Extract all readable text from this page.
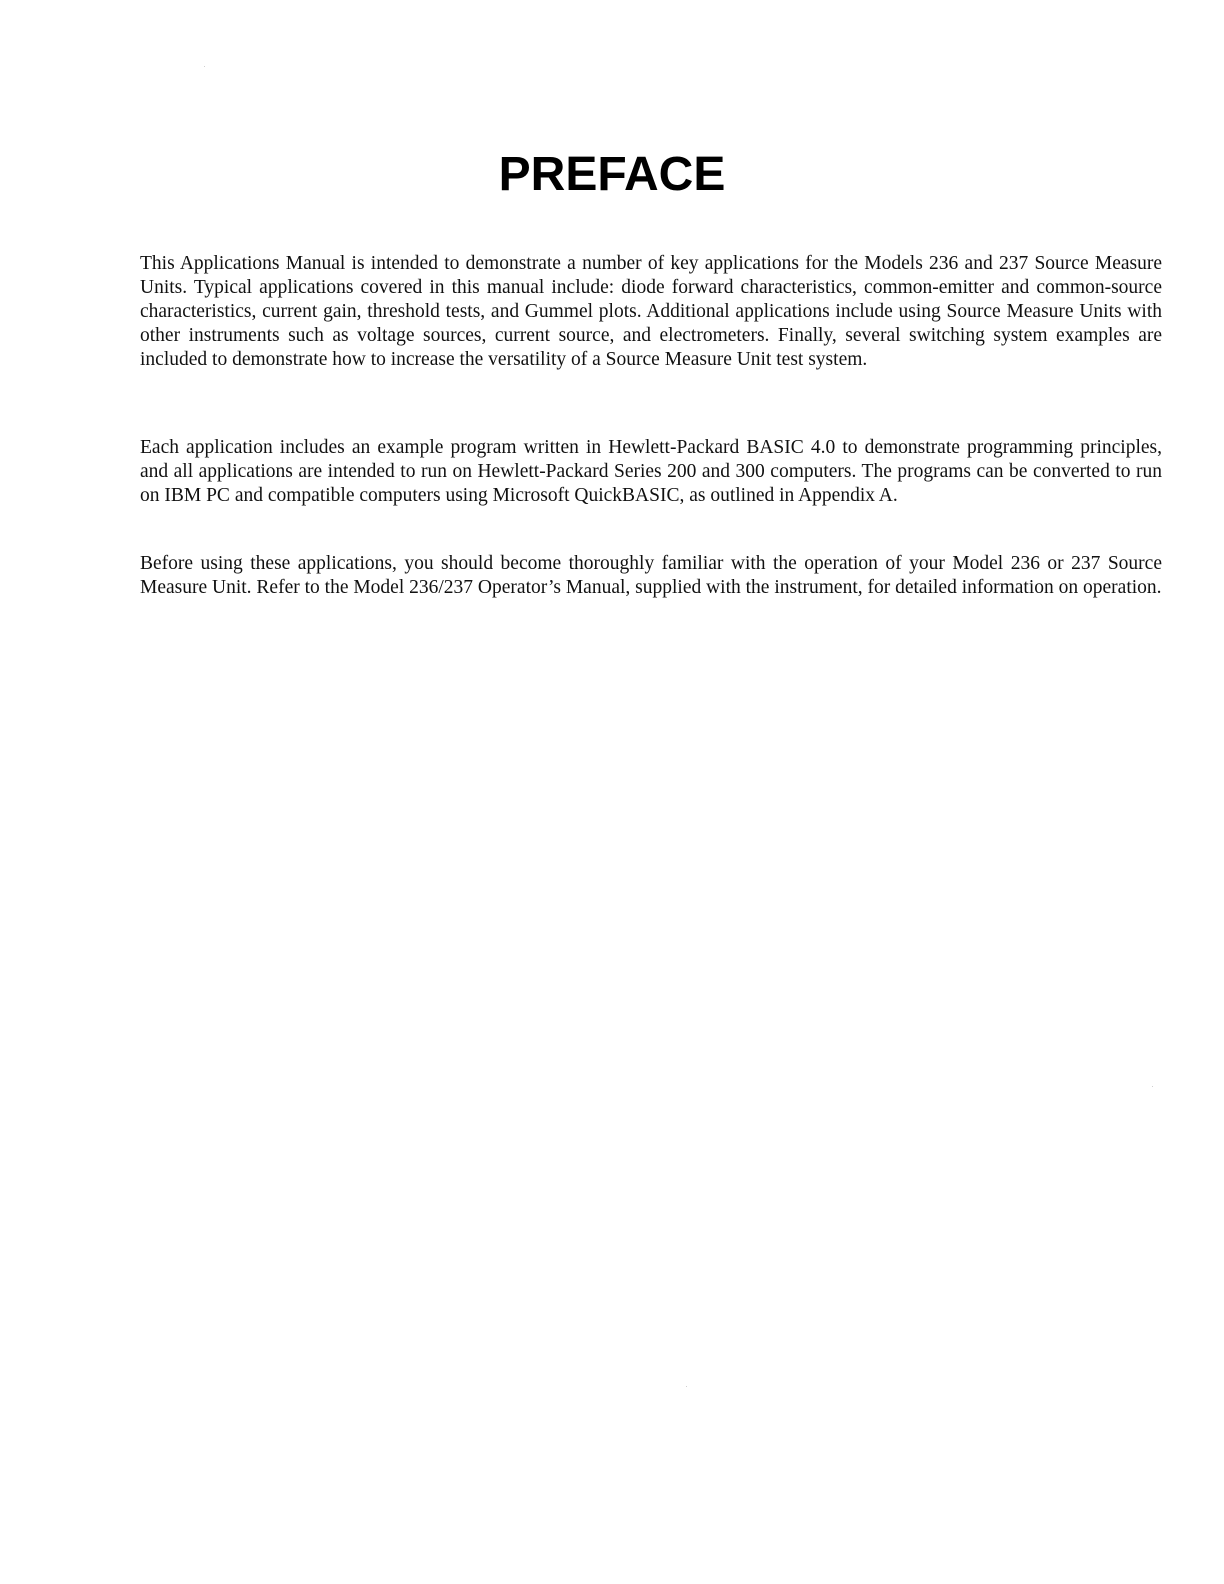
PREFACE

This Applications Manual is intended to demonstrate a number of key applications for the Models 236 and 237 Source Measure Units. Typical applications covered in this manual include: diode forward characteristics, common-emitter and common-source characteristics, current gain, threshold tests, and Gummel plots. Additional applications include using Source Measure Units with other instruments such as voltage sources, current source, and electrometers. Finally, several switching system examples are included to demonstrate how to increase the versatility of a Source Measure Unit test system.

Each application includes an example program written in Hewlett-Packard BASIC 4.0 to demonstrate programming principles, and all applications are intended to run on Hewlett-Packard Series 200 and 300 computers. The programs can be converted to run on IBM PC and compatible computers using Microsoft QuickBASIC, as outlined in Appendix A.

Before using these applications, you should become thoroughly familiar with the operation of your Model 236 or 237 Source Measure Unit. Refer to the Model 236/237 Operator’s Manual, supplied with the instrument, for detailed information on operation.
